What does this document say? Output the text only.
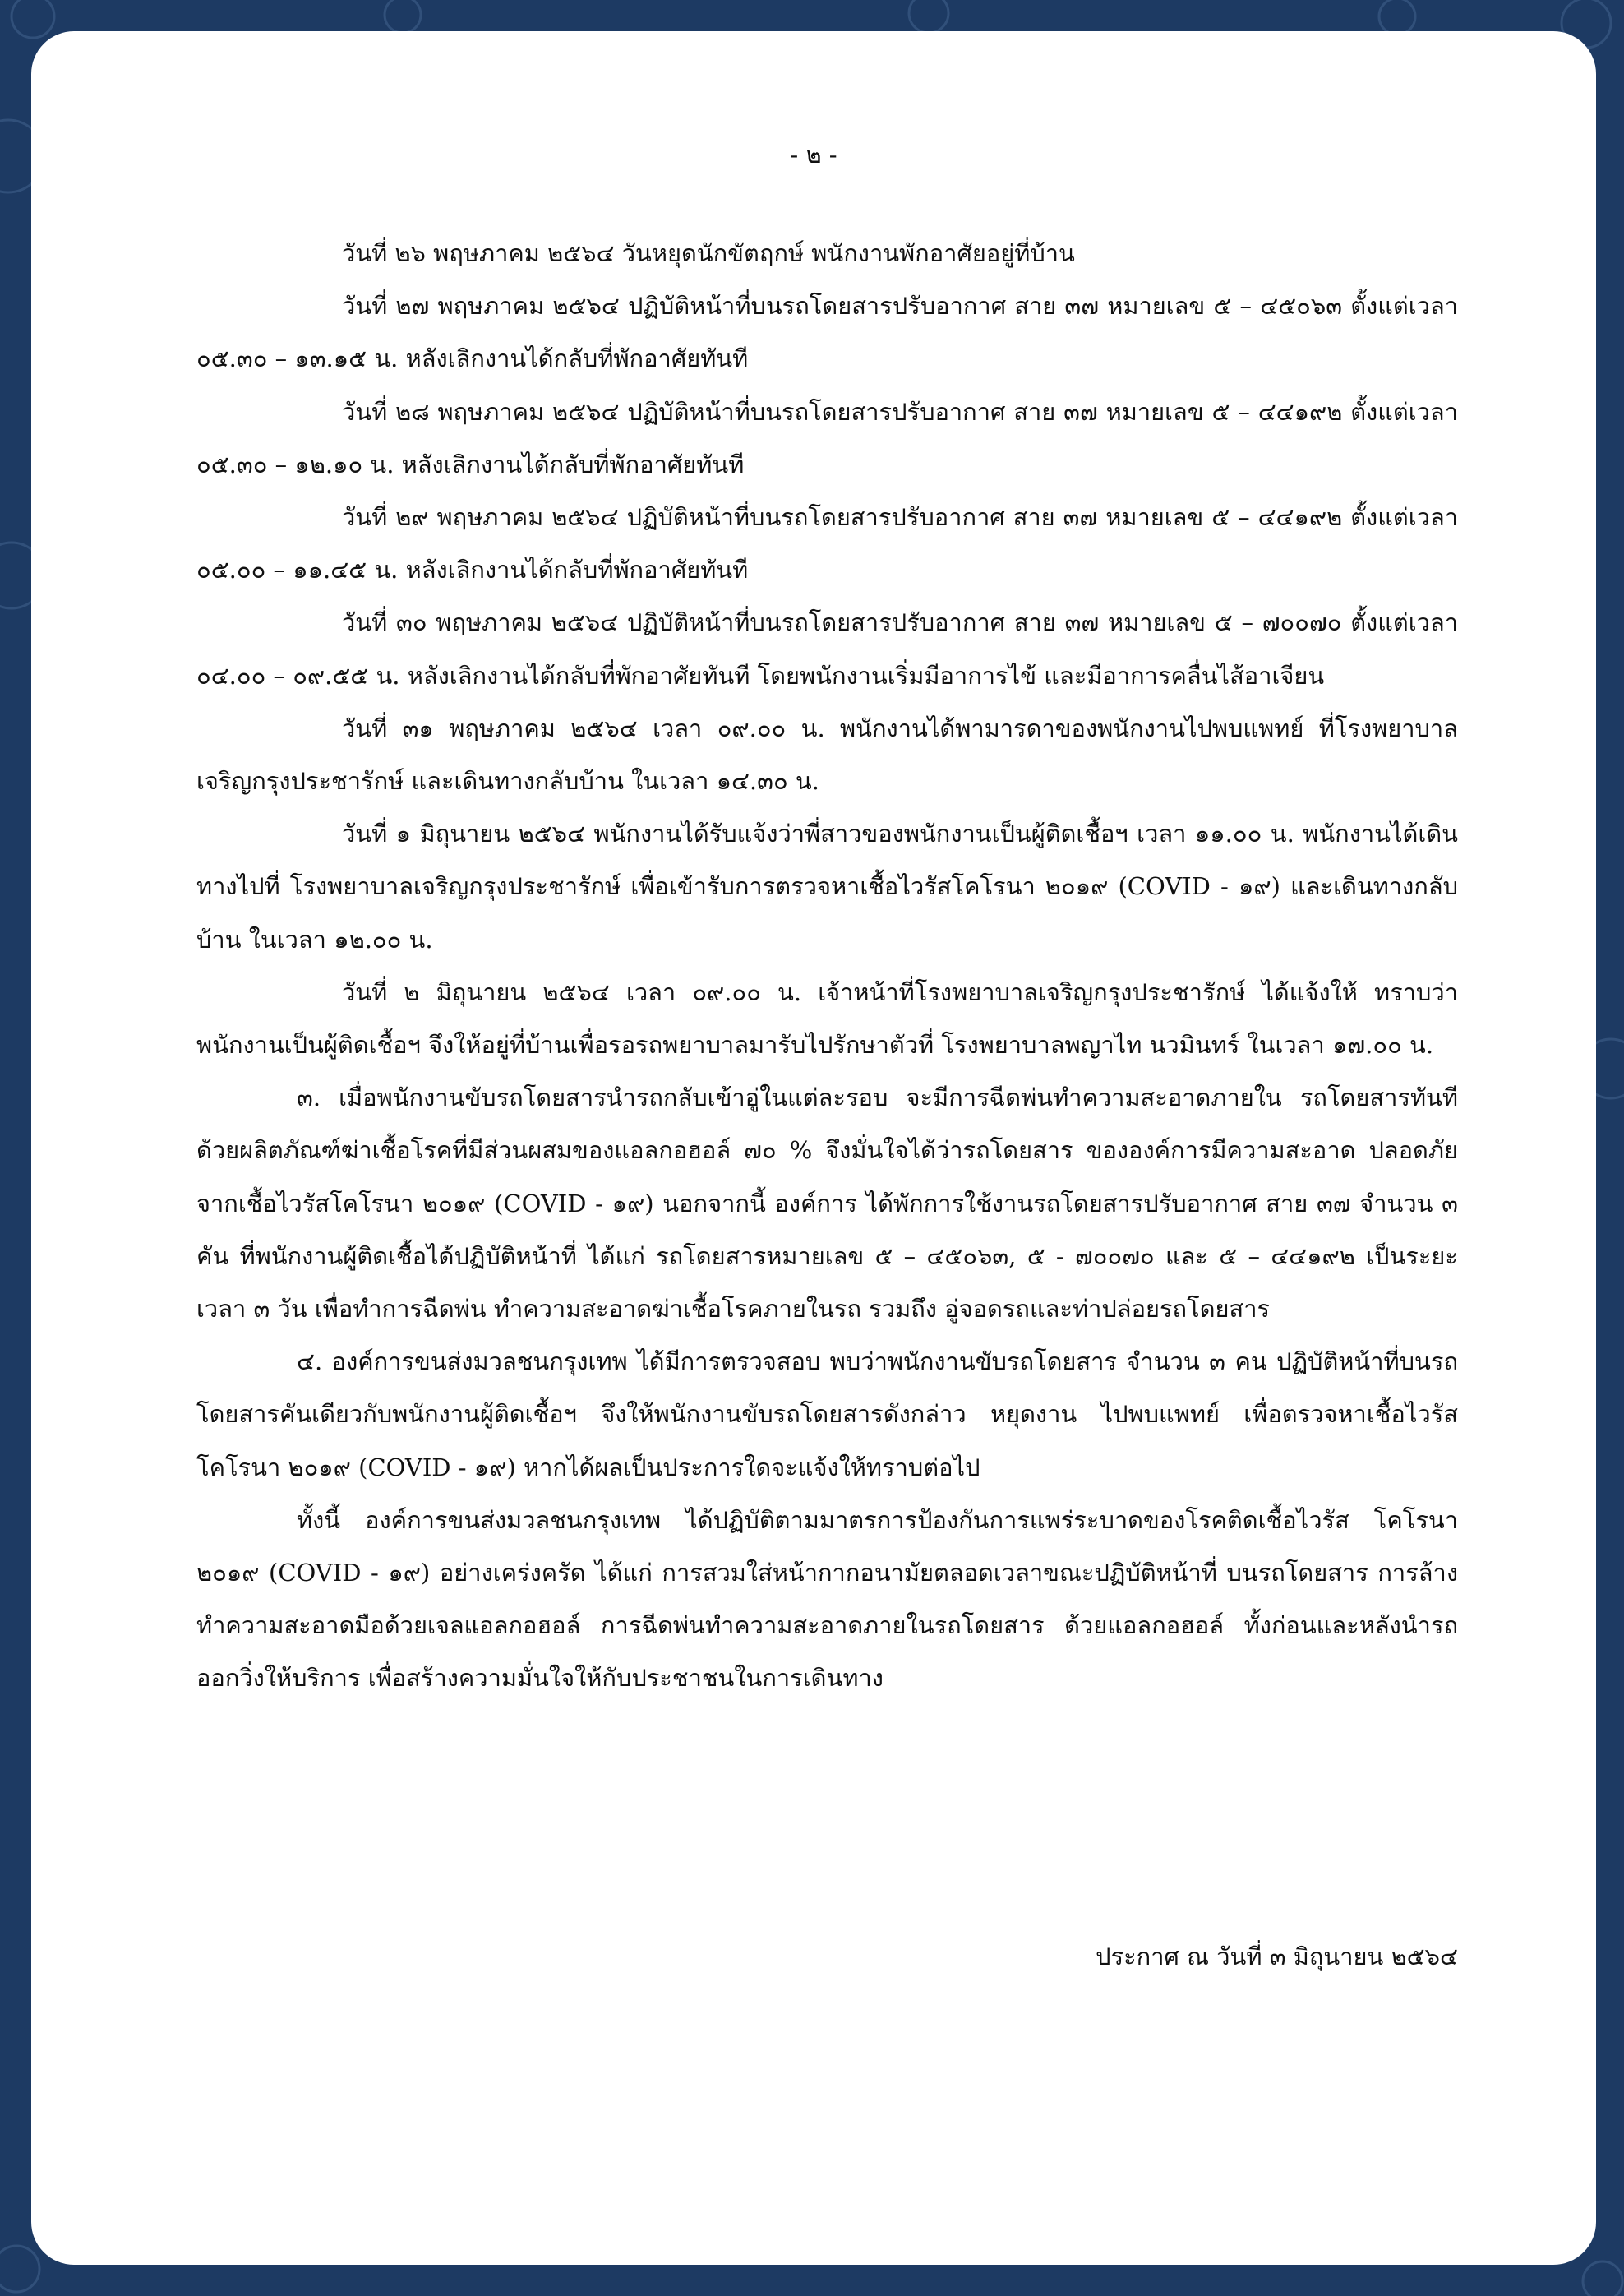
- ๒ -

วันที่ ๒๖ พฤษภาคม ๒๕๖๔ วันหยุดนักขัตฤกษ์ พนักงานพักอาศัยอยู่ที่บ้าน

วันที่ ๒๗ พฤษภาคม ๒๕๖๔ ปฏิบัติหน้าที่บนรถโดยสารปรับอากาศ สาย ๓๗ หมายเลข ๕ – ๔๕๐๖๓ ตั้งแต่เวลา ๐๕.๓๐ – ๑๓.๑๕ น. หลังเลิกงานได้กลับที่พักอาศัยทันที

วันที่ ๒๘ พฤษภาคม ๒๕๖๔ ปฏิบัติหน้าที่บนรถโดยสารปรับอากาศ สาย ๓๗ หมายเลข ๕ – ๔๔๑๙๒ ตั้งแต่เวลา ๐๕.๓๐ – ๑๒.๑๐ น. หลังเลิกงานได้กลับที่พักอาศัยทันที

วันที่ ๒๙ พฤษภาคม ๒๕๖๔ ปฏิบัติหน้าที่บนรถโดยสารปรับอากาศ สาย ๓๗ หมายเลข ๕ – ๔๔๑๙๒ ตั้งแต่เวลา ๐๕.๐๐ – ๑๑.๔๕ น. หลังเลิกงานได้กลับที่พักอาศัยทันที

วันที่ ๓๐ พฤษภาคม ๒๕๖๔ ปฏิบัติหน้าที่บนรถโดยสารปรับอากาศ สาย ๓๗ หมายเลข ๕ – ๗๐๐๗๐ ตั้งแต่เวลา ๐๔.๐๐ – ๐๙.๕๕ น. หลังเลิกงานได้กลับที่พักอาศัยทันที โดยพนักงานเริ่มมีอาการไข้ และมีอาการคลื่นไส้อาเจียน

วันที่ ๓๑ พฤษภาคม ๒๕๖๔ เวลา ๐๙.๐๐ น. พนักงานได้พามารดาของพนักงานไปพบแพทย์ ที่โรงพยาบาลเจริญกรุงประชารักษ์ และเดินทางกลับบ้าน ในเวลา ๑๔.๓๐ น.

วันที่ ๑ มิถุนายน ๒๕๖๔ พนักงานได้รับแจ้งว่าพี่สาวของพนักงานเป็นผู้ติดเชื้อฯ เวลา ๑๑.๐๐ น. พนักงานได้เดินทางไปที่ โรงพยาบาลเจริญกรุงประชารักษ์ เพื่อเข้ารับการตรวจหาเชื้อไวรัสโคโรนา ๒๐๑๙ (COVID - ๑๙) และเดินทางกลับบ้าน ในเวลา ๑๒.๐๐ น.

วันที่ ๒ มิถุนายน ๒๕๖๔ เวลา ๐๙.๐๐ น. เจ้าหน้าที่โรงพยาบาลเจริญกรุงประชารักษ์ ได้แจ้งให้ ทราบว่าพนักงานเป็นผู้ติดเชื้อฯ จึงให้อยู่ที่บ้านเพื่อรอรถพยาบาลมารับไปรักษาตัวที่ โรงพยาบาลพญาไท นวมินทร์ ในเวลา ๑๗.๐๐ น.

๓. เมื่อพนักงานขับรถโดยสารนำรถกลับเข้าอู่ในแต่ละรอบ จะมีการฉีดพ่นทำความสะอาดภายใน รถโดยสารทันทีด้วยผลิตภัณฑ์ฆ่าเชื้อโรคที่มีส่วนผสมของแอลกอฮอล์ ๗๐ % จึงมั่นใจได้ว่ารถโดยสาร ขององค์การมีความสะอาด ปลอดภัยจากเชื้อไวรัสโคโรนา ๒๐๑๙ (COVID - ๑๙) นอกจากนี้ องค์การ ได้พักการใช้งานรถโดยสารปรับอากาศ สาย ๓๗ จำนวน ๓ คัน ที่พนักงานผู้ติดเชื้อได้ปฏิบัติหน้าที่ ได้แก่ รถโดยสารหมายเลข ๕ – ๔๕๐๖๓, ๕ - ๗๐๐๗๐ และ ๕ – ๔๔๑๙๒ เป็นระยะเวลา ๓ วัน เพื่อทำการฉีดพ่น ทำความสะอาดฆ่าเชื้อโรคภายในรถ รวมถึง อู่จอดรถและท่าปล่อยรถโดยสาร

๔. องค์การขนส่งมวลชนกรุงเทพ ได้มีการตรวจสอบ พบว่าพนักงานขับรถโดยสาร จำนวน ๓ คน ปฏิบัติหน้าที่บนรถโดยสารคันเดียวกับพนักงานผู้ติดเชื้อฯ จึงให้พนักงานขับรถโดยสารดังกล่าว หยุดงาน ไปพบแพทย์ เพื่อตรวจหาเชื้อไวรัสโคโรนา ๒๐๑๙ (COVID - ๑๙) หากได้ผลเป็นประการใดจะแจ้งให้ทราบต่อไป

ทั้งนี้ องค์การขนส่งมวลชนกรุงเทพ ได้ปฏิบัติตามมาตรการป้องกันการแพร่ระบาดของโรคติดเชื้อไวรัส โคโรนา ๒๐๑๙ (COVID - ๑๙) อย่างเคร่งครัด ได้แก่ การสวมใส่หน้ากากอนามัยตลอดเวลาขณะปฏิบัติหน้าที่ บนรถโดยสาร การล้างทำความสะอาดมือด้วยเจลแอลกอฮอล์ การฉีดพ่นทำความสะอาดภายในรถโดยสาร ด้วยแอลกอฮอล์ ทั้งก่อนและหลังนำรถออกวิ่งให้บริการ เพื่อสร้างความมั่นใจให้กับประชาชนในการเดินทาง

ประกาศ ณ วันที่ ๓ มิถุนายน ๒๕๖๔
